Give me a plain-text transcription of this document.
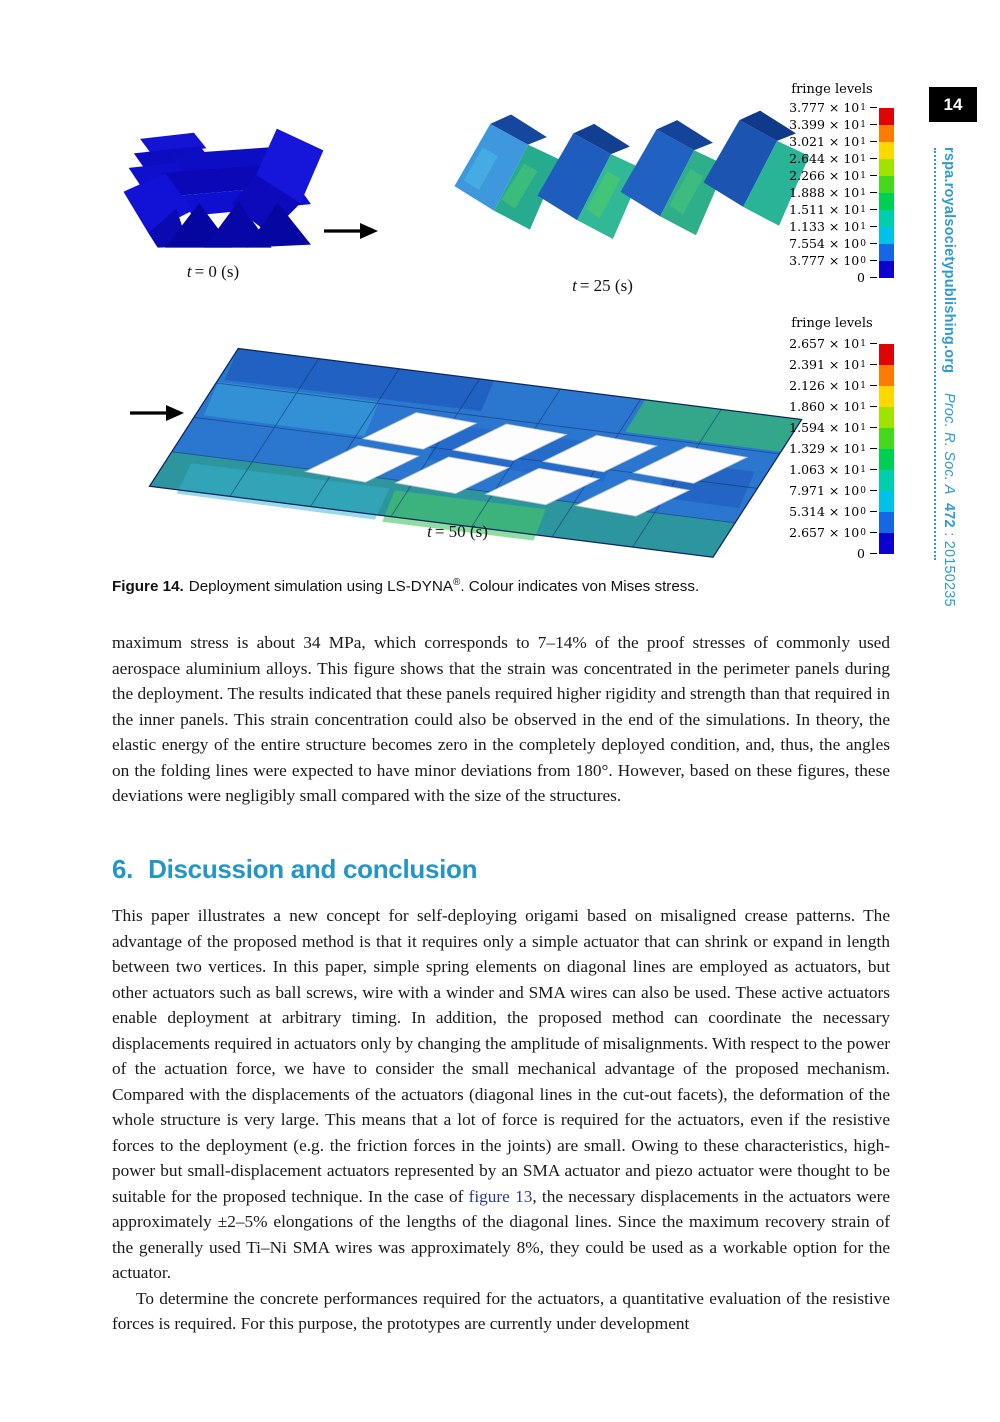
t = 0 (s)
t = 25 (s)
fringe levels
3.777 × 10 1
3.399 × 10 1
3.021 × 10 1
2.644 × 10 1
2.266 × 10 1
1.888 × 10 1
1.511 × 10 1
1.133 × 10 1
7.554 × 10 0
3.777 × 10 0
0
t = 50 (s)
fringe levels
2.657 × 10 1
2.391 × 10 1
2.126 × 10 1
1.860 × 10 1
1.594 × 10 1
1.329 × 10 1
1.063 × 10 1
7.971 × 10 0
5.314 × 10 0
2.657 × 10 0
0
Figure 14. Deployment simulation using LS-DYNA®. Colour indicates von Mises stress.
maximum stress is about 34 MPa, which corresponds to 7–14% of the proof stresses of commonly used aerospace aluminium alloys. This figure shows that the strain was concentrated in the perimeter panels during the deployment. The results indicated that these panels required higher rigidity and strength than that required in the inner panels. This strain concentration could also be observed in the end of the simulations. In theory, the elastic energy of the entire structure becomes zero in the completely deployed condition, and, thus, the angles on the folding lines were expected to have minor deviations from 180°. However, based on these figures, these deviations were negligibly small compared with the size of the structures.
6. Discussion and conclusion
This paper illustrates a new concept for self-deploying origami based on misaligned crease patterns. The advantage of the proposed method is that it requires only a simple actuator that can shrink or expand in length between two vertices. In this paper, simple spring elements on diagonal lines are employed as actuators, but other actuators such as ball screws, wire with a winder and SMA wires can also be used. These active actuators enable deployment at arbitrary timing. In addition, the proposed method can coordinate the necessary displacements required in actuators only by changing the amplitude of misalignments. With respect to the power of the actuation force, we have to consider the small mechanical advantage of the proposed mechanism. Compared with the displacements of the actuators (diagonal lines in the cut-out facets), the deformation of the whole structure is very large. This means that a lot of force is required for the actuators, even if the resistive forces to the deployment (e.g. the friction forces in the joints) are small. Owing to these characteristics, high-power but small-displacement actuators represented by an SMA actuator and piezo actuator were thought to be suitable for the proposed technique. In the case of figure 13, the necessary displacements in the actuators were approximately ±2–5% elongations of the lengths of the diagonal lines. Since the maximum recovery strain of the generally used Ti–Ni SMA wires was approximately 8%, they could be used as a workable option for the actuator.
To determine the concrete performances required for the actuators, a quantitative evaluation of the resistive forces is required. For this purpose, the prototypes are currently under development
14
rspa.royalsocietypublishing.org Proc. R. Soc. A 472 : 20150235
